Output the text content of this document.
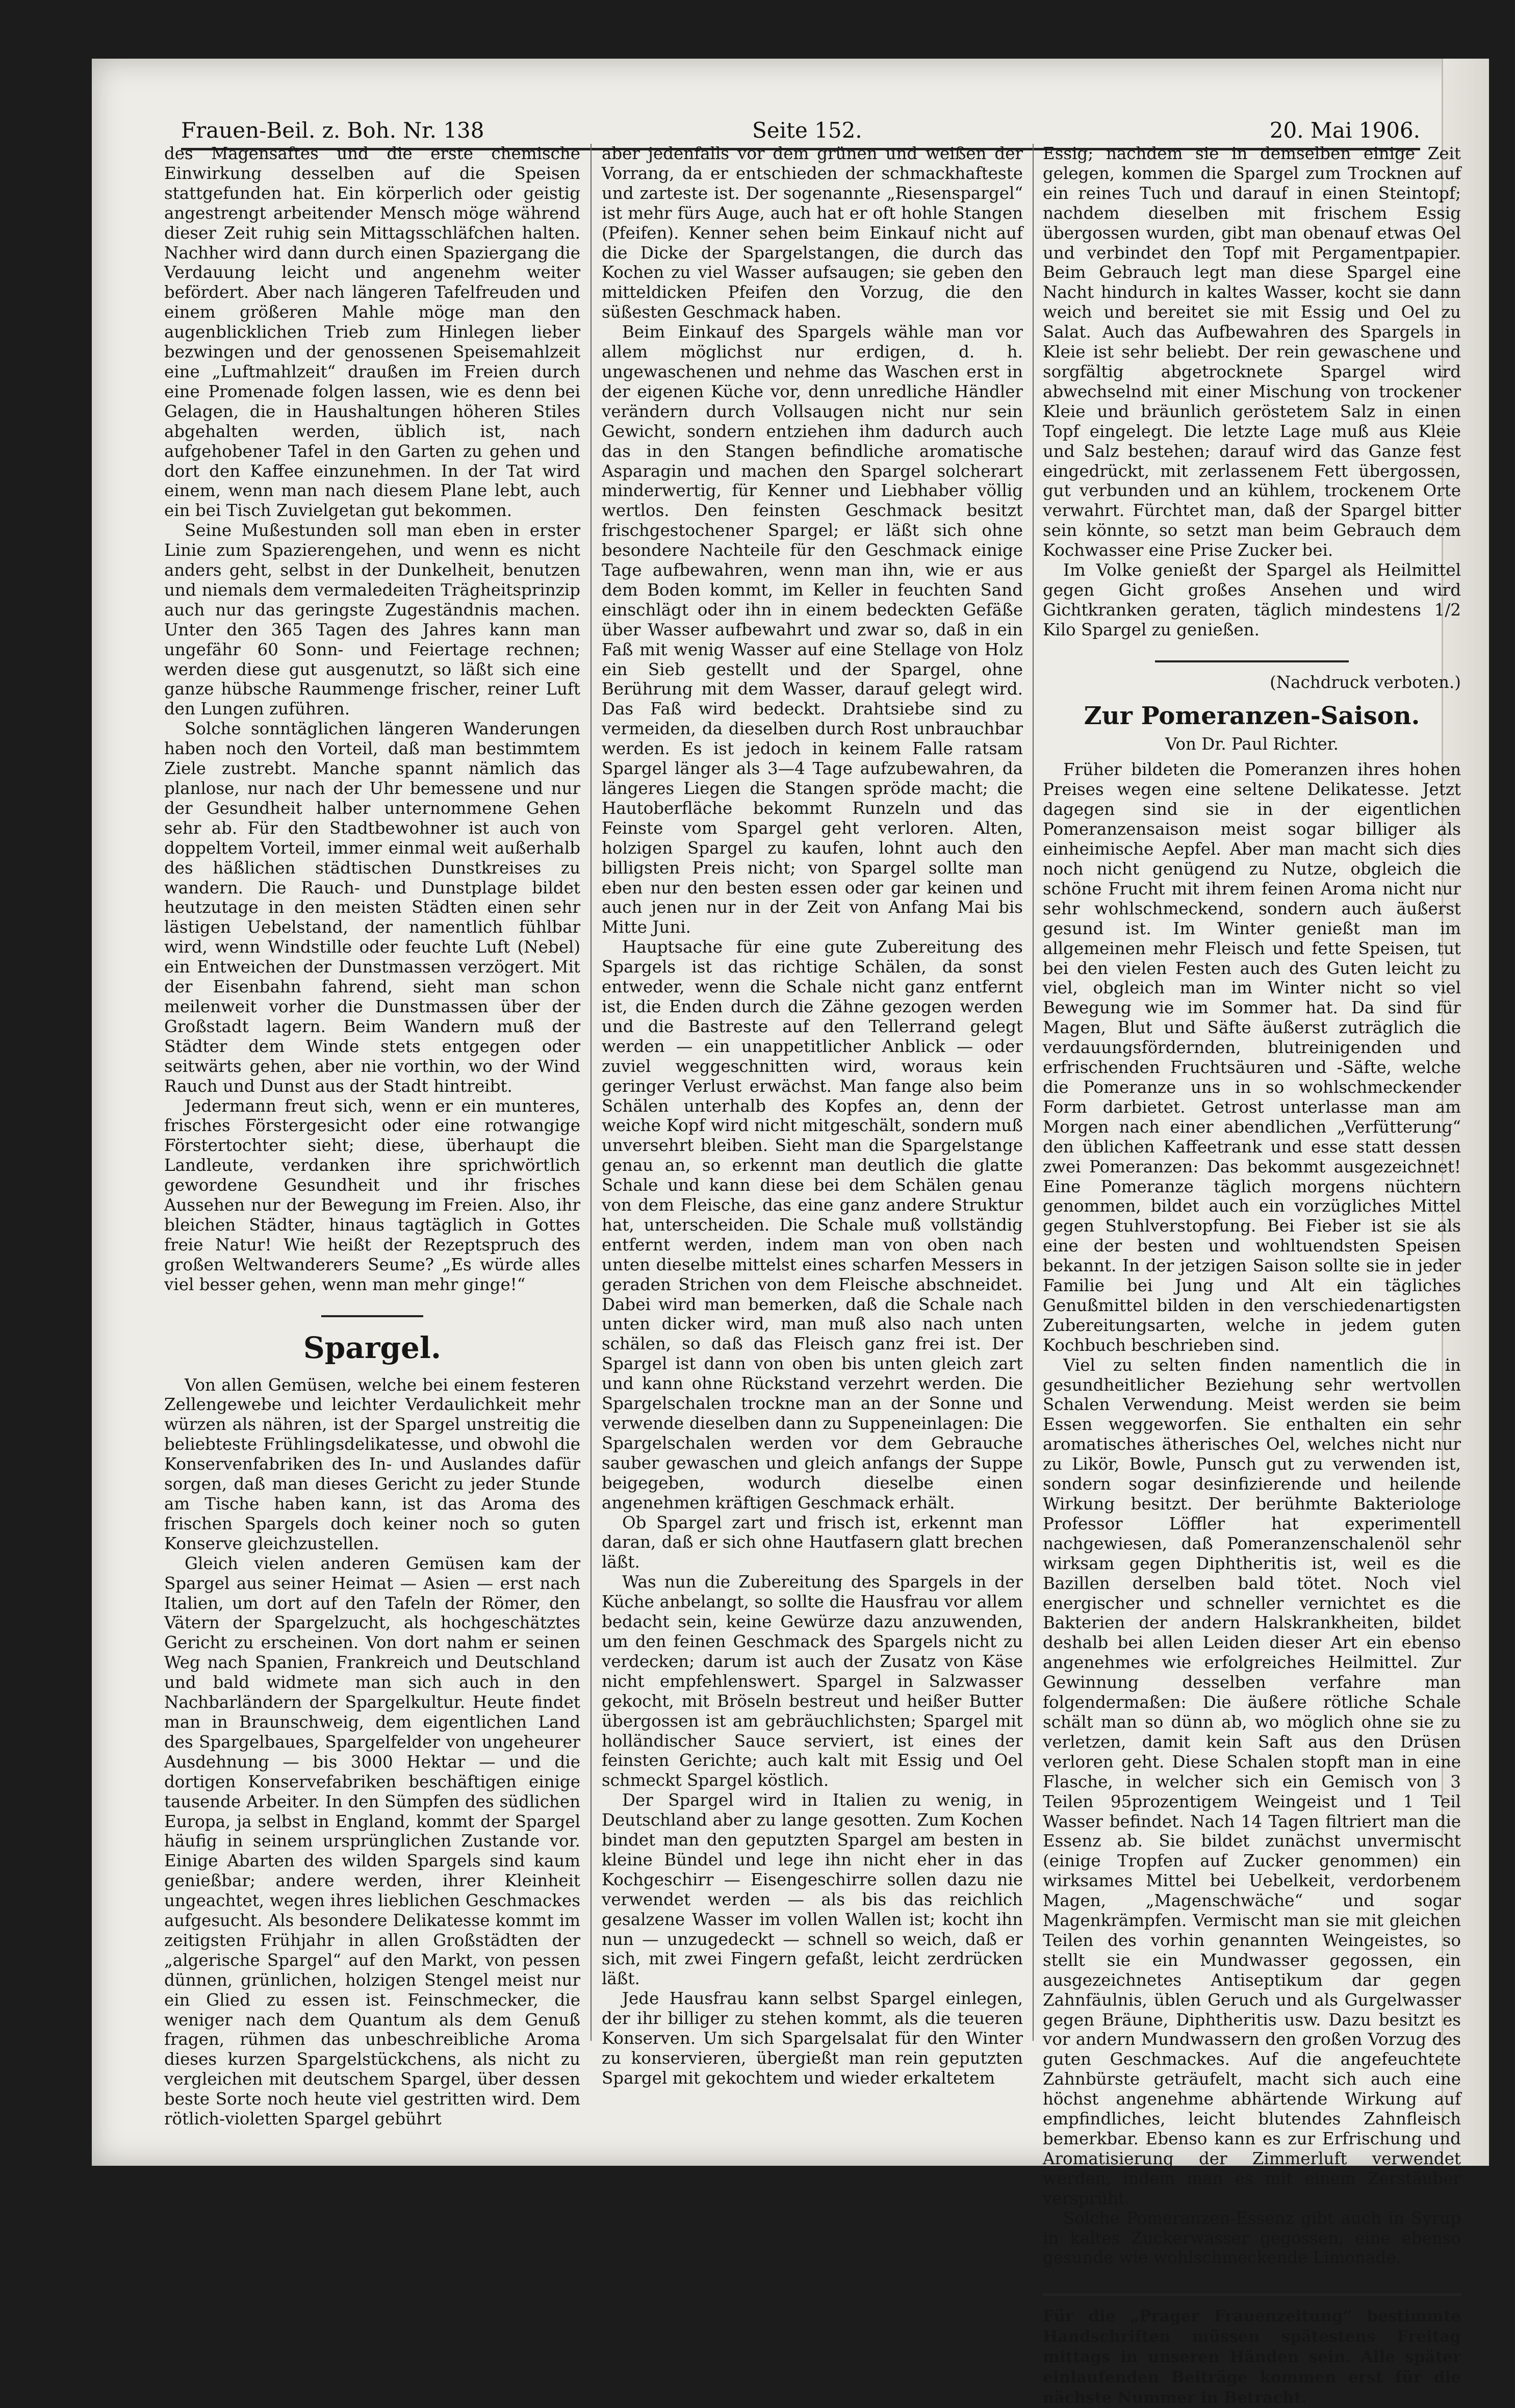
Frauen-Beil. z. Boh. Nr. 138	Seite 152.	20. Mai 1906.

des Magensaftes und die erste chemische Einwirkung desselben auf die Speisen stattgefunden hat. Ein körperlich oder geistig angestrengt arbeitender Mensch möge während dieser Zeit ruhig sein Mittagsschläfchen halten. Nachher wird dann durch einen Spaziergang die Verdauung leicht und angenehm weiter befördert. Aber nach längeren Tafelfreuden und einem größeren Mahle möge man den augenblicklichen Trieb zum Hinlegen lieber bezwingen und der genossenen Speisemahlzeit eine „Luftmahlzeit“ draußen im Freien durch eine Promenade folgen lassen, wie es denn bei Gelagen, die in Haushaltungen höheren Stiles abgehalten werden, üblich ist, nach aufgehobener Tafel in den Garten zu gehen und dort den Kaffee einzunehmen. In der Tat wird einem, wenn man nach diesem Plane lebt, auch ein bei Tisch Zuvielgetan gut bekommen.

Seine Mußestunden soll man eben in erster Linie zum Spazierengehen, und wenn es nicht anders geht, selbst in der Dunkelheit, benutzen und niemals dem vermaledeiten Trägheitsprinzip auch nur das geringste Zugeständnis machen. Unter den 365 Tagen des Jahres kann man ungefähr 60 Sonn- und Feiertage rechnen; werden diese gut ausgenutzt, so läßt sich eine ganze hübsche Raummenge frischer, reiner Luft den Lungen zuführen.

Solche sonntäglichen längeren Wanderungen haben noch den Vorteil, daß man bestimmtem Ziele zustrebt. Manche spannt nämlich das planlose, nur nach der Uhr bemessene und nur der Gesundheit halber unternommene Gehen sehr ab. Für den Stadtbewohner ist auch von doppeltem Vorteil, immer einmal weit außerhalb des häßlichen städtischen Dunstkreises zu wandern. Die Rauch- und Dunstplage bildet heutzutage in den meisten Städten einen sehr lästigen Uebelstand, der namentlich fühlbar wird, wenn Windstille oder feuchte Luft (Nebel) ein Entweichen der Dunstmassen verzögert. Mit der Eisenbahn fahrend, sieht man schon meilenweit vorher die Dunstmassen über der Großstadt lagern. Beim Wandern muß der Städter dem Winde stets entgegen oder seitwärts gehen, aber nie vorthin, wo der Wind Rauch und Dunst aus der Stadt hintreibt.

Jedermann freut sich, wenn er ein munteres, frisches Förstergesicht oder eine rotwangige Förstertochter sieht; diese, überhaupt die Landleute, verdanken ihre sprichwörtlich gewordene Gesundheit und ihr frisches Aussehen nur der Bewegung im Freien. Also, ihr bleichen Städter, hinaus tagtäglich in Gottes freie Natur! Wie heißt der Rezeptspruch des großen Weltwanderers Seume? „Es würde alles viel besser gehen, wenn man mehr ginge!“

Spargel.

Von allen Gemüsen, welche bei einem festeren Zellengewebe und leichter Verdaulichkeit mehr würzen als nähren, ist der Spargel unstreitig die beliebteste Frühlingsdelikatesse, und obwohl die Konservenfabriken des In- und Auslandes dafür sorgen, daß man dieses Gericht zu jeder Stunde am Tische haben kann, ist das Aroma des frischen Spargels doch keiner noch so guten Konserve gleichzustellen.

Gleich vielen anderen Gemüsen kam der Spargel aus seiner Heimat — Asien — erst nach Italien, um dort auf den Tafeln der Römer, den Vätern der Spargelzucht, als hochgeschätztes Gericht zu erscheinen. Von dort nahm er seinen Weg nach Spanien, Frankreich und Deutschland und bald widmete man sich auch in den Nachbarländern der Spargelkultur. Heute findet man in Braunschweig, dem eigentlichen Land des Spargelbaues, Spargelfelder von ungeheurer Ausdehnung — bis 3000 Hektar — und die dortigen Konservefabriken beschäftigen einige tausende Arbeiter. In den Sümpfen des südlichen Europa, ja selbst in England, kommt der Spargel häufig in seinem ursprünglichen Zustande vor. Einige Abarten des wilden Spargels sind kaum genießbar; andere werden, ihrer Kleinheit ungeachtet, wegen ihres lieblichen Geschmackes aufgesucht. Als besondere Delikatesse kommt im zeitigsten Frühjahr in allen Großstädten der „algerische Spargel“ auf den Markt, von pessen dünnen, grünlichen, holzigen Stengel meist nur ein Glied zu essen ist. Feinschmecker, die weniger nach dem Quantum als dem Genuß fragen, rühmen das unbeschreibliche Aroma dieses kurzen Spargelstückchens, als nicht zu vergleichen mit deutschem Spargel, über dessen beste Sorte noch heute viel gestritten wird. Dem rötlich-violetten Spargel gebührt

aber jedenfalls vor dem grünen und weißen der Vorrang, da er entschieden der schmackhafteste und zarteste ist. Der sogenannte „Riesenspargel“ ist mehr fürs Auge, auch hat er oft hohle Stangen (Pfeifen). Kenner sehen beim Einkauf nicht auf die Dicke der Spargelstangen, die durch das Kochen zu viel Wasser aufsaugen; sie geben den mitteldicken Pfeifen den Vorzug, die den süßesten Geschmack haben.

Beim Einkauf des Spargels wähle man vor allem möglichst nur erdigen, d. h. ungewaschenen und nehme das Waschen erst in der eigenen Küche vor, denn unredliche Händler verändern durch Vollsaugen nicht nur sein Gewicht, sondern entziehen ihm dadurch auch das in den Stangen befindliche aromatische Asparagin und machen den Spargel solcherart minderwertig, für Kenner und Liebhaber völlig wertlos. Den feinsten Geschmack besitzt frischgestochener Spargel; er läßt sich ohne besondere Nachteile für den Geschmack einige Tage aufbewahren, wenn man ihn, wie er aus dem Boden kommt, im Keller in feuchten Sand einschlägt oder ihn in einem bedeckten Gefäße über Wasser aufbewahrt und zwar so, daß in ein Faß mit wenig Wasser auf eine Stellage von Holz ein Sieb gestellt und der Spargel, ohne Berührung mit dem Wasser, darauf gelegt wird. Das Faß wird bedeckt. Drahtsiebe sind zu vermeiden, da dieselben durch Rost unbrauchbar werden. Es ist jedoch in keinem Falle ratsam Spargel länger als 3—4 Tage aufzubewahren, da längeres Liegen die Stangen spröde macht; die Hautoberfläche bekommt Runzeln und das Feinste vom Spargel geht verloren. Alten, holzigen Spargel zu kaufen, lohnt auch den billigsten Preis nicht; von Spargel sollte man eben nur den besten essen oder gar keinen und auch jenen nur in der Zeit von Anfang Mai bis Mitte Juni.

Hauptsache für eine gute Zubereitung des Spargels ist das richtige Schälen, da sonst entweder, wenn die Schale nicht ganz entfernt ist, die Enden durch die Zähne gezogen werden und die Bastreste auf den Tellerrand gelegt werden — ein unappetitlicher Anblick — oder zuviel weggeschnitten wird, woraus kein geringer Verlust erwächst. Man fange also beim Schälen unterhalb des Kopfes an, denn der weiche Kopf wird nicht mitgeschält, sondern muß unversehrt bleiben. Sieht man die Spargelstange genau an, so erkennt man deutlich die glatte Schale und kann diese bei dem Schälen genau von dem Fleische, das eine ganz andere Struktur hat, unterscheiden. Die Schale muß vollständig entfernt werden, indem man von oben nach unten dieselbe mittelst eines scharfen Messers in geraden Strichen von dem Fleische abschneidet. Dabei wird man bemerken, daß die Schale nach unten dicker wird, man muß also nach unten schälen, so daß das Fleisch ganz frei ist. Der Spargel ist dann von oben bis unten gleich zart und kann ohne Rückstand verzehrt werden. Die Spargelschalen trockne man an der Sonne und verwende dieselben dann zu Suppeneinlagen: Die Spargelschalen werden vor dem Gebrauche sauber gewaschen und gleich anfangs der Suppe beigegeben, wodurch dieselbe einen angenehmen kräftigen Geschmack erhält.

Ob Spargel zart und frisch ist, erkennt man daran, daß er sich ohne Hautfasern glatt brechen läßt.

Was nun die Zubereitung des Spargels in der Küche anbelangt, so sollte die Hausfrau vor allem bedacht sein, keine Gewürze dazu anzuwenden, um den feinen Geschmack des Spargels nicht zu verdecken; darum ist auch der Zusatz von Käse nicht empfehlenswert. Spargel in Salzwasser gekocht, mit Bröseln bestreut und heißer Butter übergossen ist am gebräuchlichsten; Spargel mit holländischer Sauce serviert, ist eines der feinsten Gerichte; auch kalt mit Essig und Oel schmeckt Spargel köstlich.

Der Spargel wird in Italien zu wenig, in Deutschland aber zu lange gesotten. Zum Kochen bindet man den geputzten Spargel am besten in kleine Bündel und lege ihn nicht eher in das Kochgeschirr — Eisengeschirre sollen dazu nie verwendet werden — als bis das reichlich gesalzene Wasser im vollen Wallen ist; kocht ihn nun — unzugedeckt — schnell so weich, daß er sich, mit zwei Fingern gefaßt, leicht zerdrücken läßt.

Jede Hausfrau kann selbst Spargel einlegen, der ihr billiger zu stehen kommt, als die teueren Konserven. Um sich Spargelsalat für den Winter zu konservieren, übergießt man rein geputzten Spargel mit gekochtem und wieder erkaltetem

Essig; nachdem sie in demselben einige Zeit gelegen, kommen die Spargel zum Trocknen auf ein reines Tuch und darauf in einen Steintopf; nachdem dieselben mit frischem Essig übergossen wurden, gibt man obenauf etwas Oel und verbindet den Topf mit Pergamentpapier. Beim Gebrauch legt man diese Spargel eine Nacht hindurch in kaltes Wasser, kocht sie dann weich und bereitet sie mit Essig und Oel zu Salat. Auch das Aufbewahren des Spargels in Kleie ist sehr beliebt. Der rein gewaschene und sorgfältig abgetrocknete Spargel wird abwechselnd mit einer Mischung von trockener Kleie und bräunlich geröstetem Salz in einen Topf eingelegt. Die letzte Lage muß aus Kleie und Salz bestehen; darauf wird das Ganze fest eingedrückt, mit zerlassenem Fett übergossen, gut verbunden und an kühlem, trockenem Orte verwahrt. Fürchtet man, daß der Spargel bitter sein könnte, so setzt man beim Gebrauch dem Kochwasser eine Prise Zucker bei.

Im Volke genießt der Spargel als Heilmittel gegen Gicht großes Ansehen und wird Gichtkranken geraten, täglich mindestens 1/2 Kilo Spargel zu genießen.

(Nachdruck verboten.)

Zur Pomeranzen-Saison.

Von Dr. Paul Richter.

Früher bildeten die Pomeranzen ihres hohen Preises wegen eine seltene Delikatesse. Jetzt dagegen sind sie in der eigentlichen Pomeranzensaison meist sogar billiger als einheimische Aepfel. Aber man macht sich dies noch nicht genügend zu Nutze, obgleich die schöne Frucht mit ihrem feinen Aroma nicht nur sehr wohlschmeckend, sondern auch äußerst gesund ist. Im Winter genießt man im allgemeinen mehr Fleisch und fette Speisen, tut bei den vielen Festen auch des Guten leicht zu viel, obgleich man im Winter nicht so viel Bewegung wie im Sommer hat. Da sind für Magen, Blut und Säfte äußerst zuträglich die verdauungsfördernden, blutreinigenden und erfrischenden Fruchtsäuren und -Säfte, welche die Pomeranze uns in so wohlschmeckender Form darbietet. Getrost unterlasse man am Morgen nach einer abendlichen „Verfütterung“ den üblichen Kaffeetrank und esse statt dessen zwei Pomeranzen: Das bekommt ausgezeichnet! Eine Pomeranze täglich morgens nüchtern genommen, bildet auch ein vorzügliches Mittel gegen Stuhlverstopfung. Bei Fieber ist sie als eine der besten und wohltuendsten Speisen bekannt. In der jetzigen Saison sollte sie in jeder Familie bei Jung und Alt ein tägliches Genußmittel bilden in den verschiedenartigsten Zubereitungsarten, welche in jedem guten Kochbuch beschrieben sind.

Viel zu selten finden namentlich die in gesundheitlicher Beziehung sehr wertvollen Schalen Verwendung. Meist werden sie beim Essen weggeworfen. Sie enthalten ein sehr aromatisches ätherisches Oel, welches nicht nur zu Likör, Bowle, Punsch gut zu verwenden ist, sondern sogar desinfizierende und heilende Wirkung besitzt. Der berühmte Bakteriologe Professor Löffler hat experimentell nachgewiesen, daß Pomeranzenschalenöl sehr wirksam gegen Diphtheritis ist, weil es die Bazillen derselben bald tötet. Noch viel energischer und schneller vernichtet es die Bakterien der andern Halskrankheiten, bildet deshalb bei allen Leiden dieser Art ein ebenso angenehmes wie erfolgreiches Heilmittel. Zur Gewinnung desselben verfahre man folgendermaßen: Die äußere rötliche Schale schält man so dünn ab, wo möglich ohne sie zu verletzen, damit kein Saft aus den Drüsen verloren geht. Diese Schalen stopft man in eine Flasche, in welcher sich ein Gemisch von 3 Teilen 95prozentigem Weingeist und 1 Teil Wasser befindet. Nach 14 Tagen filtriert man die Essenz ab. Sie bildet zunächst unvermischt (einige Tropfen auf Zucker genommen) ein wirksames Mittel bei Uebelkeit, verdorbenem Magen, „Magenschwäche“ und sogar Magenkrämpfen. Vermischt man sie mit gleichen Teilen des vorhin genannten Weingeistes, so stellt sie ein Mundwasser gegossen, ein ausgezeichnetes Antiseptikum dar gegen Zahnfäulnis, üblen Geruch und als Gurgelwasser gegen Bräune, Diphtheritis usw. Dazu besitzt es vor andern Mundwassern den großen Vorzug des guten Geschmackes. Auf die angefeuchtete Zahnbürste geträufelt, macht sich auch eine höchst angenehme abhärtende Wirkung auf empfindliches, leicht blutendes Zahnfleisch bemerkbar. Ebenso kann es zur Erfrischung und Aromatisierung der Zimmerluft verwendet werden, indem man es mit einem Zerstäuber versprüht.

Solche Pomeranzen-Essenz gibt auch in Syrup in kaltes Zuckerwasser gegossen, eine ebenso gesunde wie wohlschmeckende Limonade.

Für die „Prager Frauenzeitung“ bestimmte Handschriften müssen spätestens Freitag mittags in unseren Händen sein. Alle später einlaufenden Beiträge kommen erst für die nächste Nummer in Betracht.
